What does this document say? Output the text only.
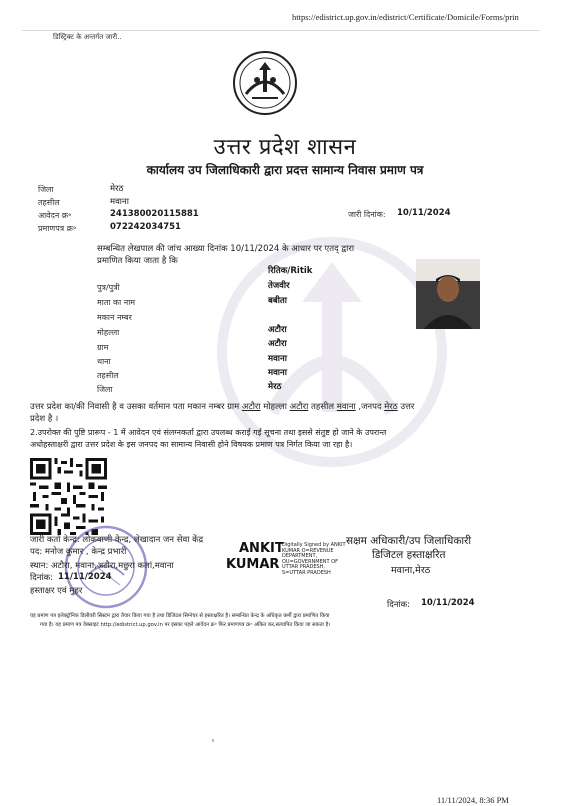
https://edistrict.up.gov.in/edistrict/Certificate/Domicile/Forms/prin
डिस्ट्रिक्ट के अन्तर्गत जारी..
उत्तर प्रदेश शासन
कार्यालय उप जिलाधिकारी द्वारा प्रदत्त सामान्य निवास प्रमाण पत्र
जिला	मेरठ
तहसील	मवाना
आवेदन क्र॰	241380020115881
प्रमाणपत्र क्र॰	072242034751
जारी दिनांक: 10/11/2024
सम्बन्धित लेखपाल की जांच आख्या दिनांक 10/11/2024 के आधार पर एतद् द्वारा
प्रमाणित किया जाता है कि
रितिक/Ritik
पुत्र/पुत्री	तेजवीर
माता का नाम	बबीता
मकान नम्बर
मोहल्ला	अटौरा
ग्राम	अटौरा
थाना	मवाना
तहसील	मवाना
जिला	मेरठ
उत्तर प्रदेश का/की निवासी है व उसका वर्तमान पता मकान नम्बर ग्राम अटौरा मोहल्ला अटौरा तहसील मवाना ,जनपद मेरठ उत्तर
प्रदेश है ।
2.उपरोक्त की पुष्टि प्रारूप - 1 में आवेदन एवं संलग्नकर्ता द्वारा उपलब्ध कराई गई सूचना तथा इससे संतुष्ट हो जाने के उपरान्त
अधोहस्ताक्षरी द्वारा उत्तर प्रदेश के इस जनपद का सामान्य निवासी होने विषयक प्रमाण पत्र निर्गत किया जा रहा है।
जारी कर्ता केन्द्र: लोकवाणी केन्द्र, लेखादान जन सेवा केंद्र
पद: मनोज कुमार , केन्द्र प्रभारी
स्थान: अटौरा, मवाना,अटौरा,मछुरा कलां,मवाना
दिनांक: 11/11/2024
हस्ताक्षर एवं मुहर
ANKIT
KUMAR
Digitally Signed by ANKIT
KUMAR O=REVENUE
DEPARTMENT,
OU=GOVERNMENT OF
UTTAR PRADESH,
S=UTTAR PRADESH
सक्षम अधिकारी/उप जिलाधिकारी
डिजिटल हस्ताक्षरित
मवाना,मेरठ
दिनांक: 10/11/2024
यह प्रमाण पत्र इलेक्ट्रॉनिक डिलीवरी सिस्टम द्वारा तैयार किया गया है तथा डिजिटल सिग्नेचर से हस्ताक्षरित है। सम्बन्धित केन्द्र के अधिकृत कर्मी द्वारा प्रमाणित किया
गया है। यह प्रमाण पत्र वेबसाइट http://edistrict.up.gov.in पर इसका पहले आवेदन क्र॰ फिर प्रमाणपत्र क्र॰ अंकित कर,सत्यापित किया जा सकता है।
11/11/2024, 8:36 PM
